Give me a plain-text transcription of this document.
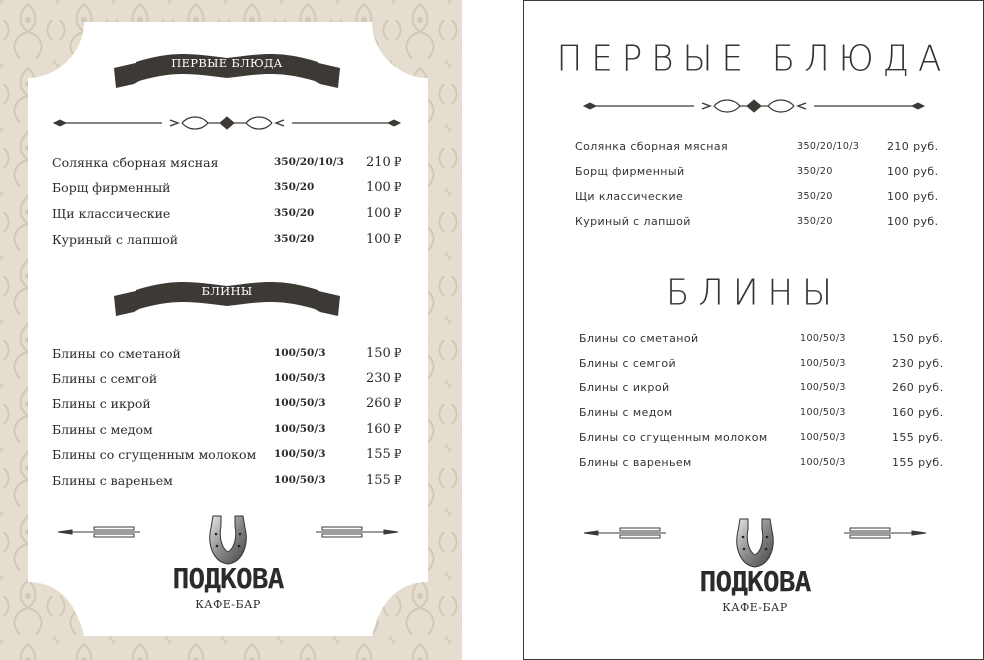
ПЕРВЫЕ БЛЮДА
Солянка сборная мясная	350/20/10/3 210 ₽
Борщ фирменный	350/20	100 ₽
Щи классические	350/20	100 ₽
Куриный с лапшой	350/20	100 ₽
БЛИНЫ
Блины со сметаной	100/50/3	150 ₽
Блины с семгой	100/50/3	230 ₽
Блины с икрой	100/50/3	260 ₽
Блины с медом	100/50/3	160 ₽
Блины со сгущенным молоком 100/50/3	155 ₽
Блины с вареньем	100/50/3	155 ₽
ПОДКОВА
КАФЕ-БАР
ПЕРВЫЕ БЛЮДА
Солянка сборная мясная	350/20/10/3	210 руб.
Борщ фирменный	350/20	100 руб.
Щи классические	350/20	100 руб.
Куриный с лапшой	350/20	100 руб.
БЛИНЫ
Блины со сметаной	100/50/3	150 руб.
Блины с семгой	100/50/3	230 руб.
Блины с икрой	100/50/3	260 руб.
Блины с медом	100/50/3	160 руб.
Блины со сгущенным молоком	100/50/3	155 руб.
Блины с вареньем	100/50/3	155 руб.
ПОДКОВА
КАФЕ-БАР
